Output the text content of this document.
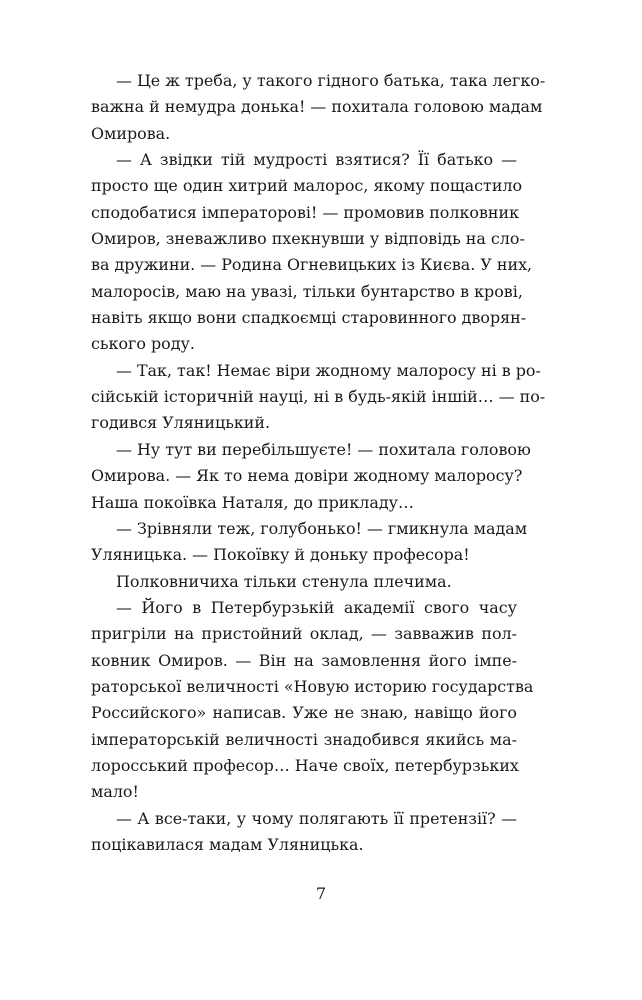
— Це ж треба, у такого гідного батька, така легко-
важна й немудра донька! — похитала головою мадам
Омирова.
— А звідки тій мудрості взятися? Її батько —
просто ще один хитрий малорос, якому пощастило
сподобатися імператорові! — промовив полковник
Омиров, зневажливо пхекнувши у відповідь на сло-
ва дружини. — Родина Огневицьких із Києва. У них,
малоросів, маю на увазі, тільки бунтарство в крові,
навіть якщо вони спадкоємці старовинного дворян-
ського роду.
— Так, так! Немає віри жодному малоросу ні в ро-
сійській історичній науці, ні в будь-якій іншій… — по-
годився Уляницький.
— Ну тут ви перебільшуєте! — похитала головою
Омирова. — Як то нема довіри жодному малоросу?
Наша покоївка Наталя, до прикладу…
— Зрівняли теж, голубонько! — гмикнула мадам
Уляницька. — Покоївку й доньку професора!
Полковничиха тільки стенула плечима.
— Його в Петербурзькій академії свого часу
пригріли на пристойний оклад, — завважив пол-
ковник Омиров. — Він на замовлення його імпе-
раторської величності «Новую историю государства
Российского» написав. Уже не знаю, навіщо його
імператорській величності знадобився якийсь ма-
лоросський професор… Наче своїх, петербурзьких
мало!
— А все-таки, у чому полягають її претензії? —
поцікавилася мадам Уляницька.
7
